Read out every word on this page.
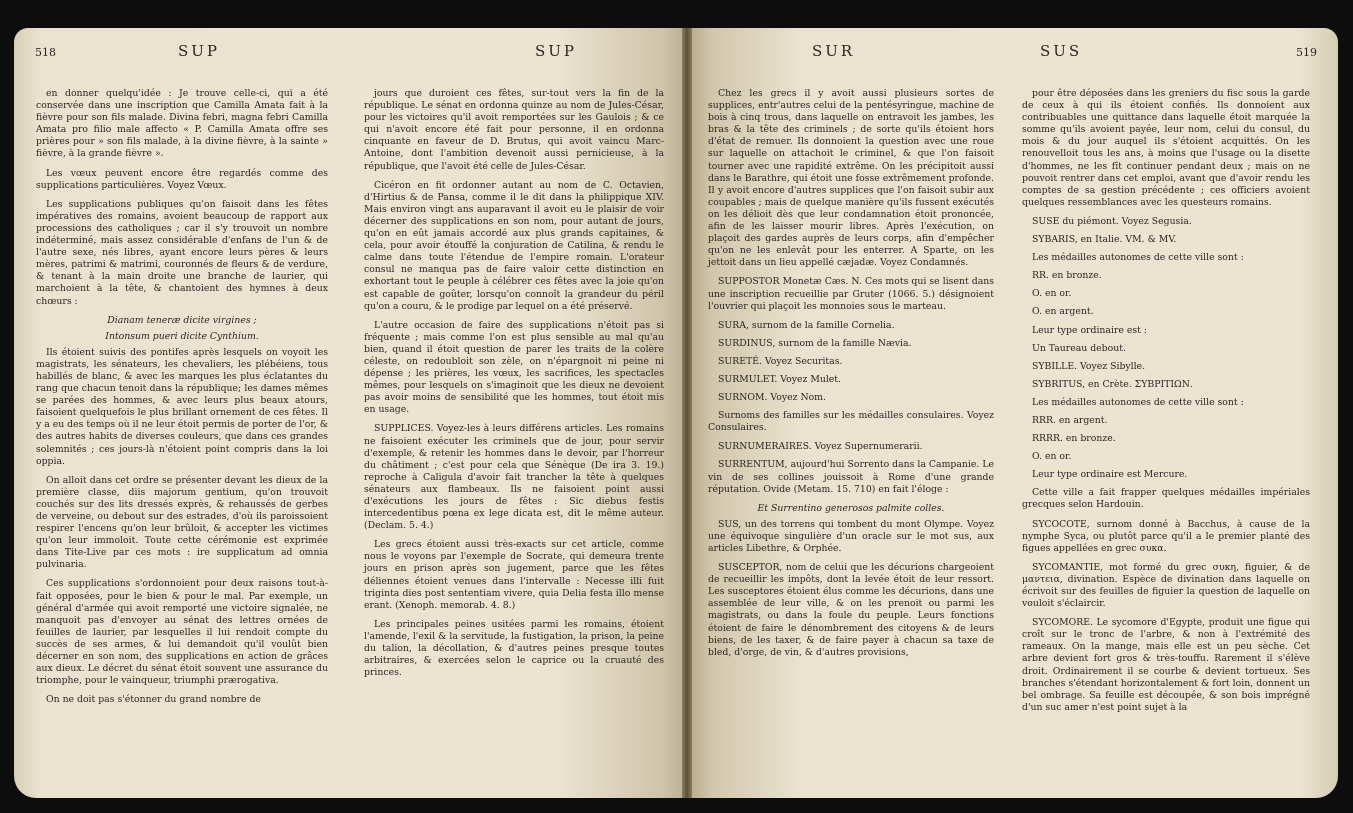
518	SUP	SUP	SUR	SUS	519

en donner quelqu'idée : Je trouve celle-ci, qui a été conservée dans une inscription que Camilla Amata fait à la fièvre pour son fils malade. Divina febri, magna febri Camilla Amata pro filio male affecto « P. Camilla Amata offre ses prières pour » son fils malade, à la divine fièvre, à la sainte » fièvre, à la grande fièvre ».

Les vœux peuvent encore être regardés comme des supplications particulières. Voyez Vœux.

Les supplications publiques qu'on faisoit dans les fêtes impératives des romains, avoient beaucoup de rapport aux processions des catholiques ; car il s'y trouvoit un nombre indéterminé, mais assez considérable d'enfans de l'un & de l'autre sexe, nés libres, ayant encore leurs pères & leurs mères, patrimi & matrimi, couronnés de fleurs & de verdure, & tenant à la main droite une branche de laurier, qui marchoient à la tête, & chantoient des hymnes à deux chœurs :

Dianam teneræ dicite virgines ;

Intonsum pueri dicite Cynthium.

Ils étoient suivis des pontifes après lesquels on voyoit les magistrats, les sénateurs, les chevaliers, les plébéiens, tous habillés de blanc, & avec les marques les plus éclatantes du rang que chacun tenoit dans la république; les dames mêmes se parées des hommes, & avec leurs plus beaux atours, faisoient quelquefois le plus brillant ornement de ces fêtes. Il y a eu des temps où il ne leur étoit permis de porter de l'or, & des autres habits de diverses couleurs, que dans ces grandes solemnités ; ces jours-là n'étoient point compris dans la loi oppia.

On alloit dans cet ordre se présenter devant les dieux de la première classe, diis majorum gentium, qu'on trouvoit couchés sur des lits dressés exprès, & rehaussés de gerbes de verveine, ou debout sur des estrades, d'où ils paroissoient respirer l'encens qu'on leur brûloit, & accepter les victimes qu'on leur immoloit. Toute cette cérémonie est exprimée dans Tite-Live par ces mots : ire supplicatum ad omnia pulvinaria.

Ces supplications s'ordonnoient pour deux raisons tout-à-fait opposées, pour le bien & pour le mal. Par exemple, un général d'armée qui avoit remporté une victoire signalée, ne manquoit pas d'envoyer au sénat des lettres ornées de feuilles de laurier, par lesquelles il lui rendoit compte du succès de ses armes, & lui demandoit qu'il voulût bien décerner en son nom, des supplications en action de grâces aux dieux. Le décret du sénat étoit souvent une assurance du triomphe, pour le vainqueur, triumphi prærogativa.

On ne doit pas s'étonner du grand nombre de

jours que duroient ces fêtes, sur-tout vers la fin de la république. Le sénat en ordonna quinze au nom de Jules-César, pour les victoires qu'il avoit remportées sur les Gaulois ; & ce qui n'avoit encore été fait pour personne, il en ordonna cinquante en faveur de D. Brutus, qui avoit vaincu Marc-Antoine, dont l'ambition devenoit aussi pernicieuse, à la république, que l'avoit été celle de Jules-César.

Cicéron en fit ordonner autant au nom de C. Octavien, d'Hirtius & de Pansa, comme il le dit dans la philippique XIV. Mais environ vingt ans auparavant il avoit eu le plaisir de voir décerner des supplications en son nom, pour autant de jours, qu'on en eût jamais accordé aux plus grands capitaines, & cela, pour avoir étouffé la conjuration de Catilina, & rendu le calme dans toute l'étendue de l'empire romain. L'orateur consul ne manqua pas de faire valoir cette distinction en exhortant tout le peuple à célébrer ces fêtes avec la joie qu'on est capable de goûter, lorsqu'on connoît la grandeur du péril qu'on a couru, & le prodige par lequel on a été préservé.

L'autre occasion de faire des supplications n'étoit pas si fréquente ; mais comme l'on est plus sensible au mal qu'au bien, quand il étoit question de parer les traits de la colère céleste, on redoubloit son zèle, on n'épargnoit ni peine ni dépense ; les prières, les vœux, les sacrifices, les spectacles mêmes, pour lesquels on s'imaginoit que les dieux ne devoient pas avoir moins de sensibilité que les hommes, tout étoit mis en usage.

SUPPLICES. Voyez-les à leurs différens articles. Les romains ne faisoient exécuter les criminels que de jour, pour servir d'exemple, & retenir les hommes dans le devoir, par l'horreur du châtiment ; c'est pour cela que Sénèque (De ira 3. 19.) reproche à Caligula d'avoir fait trancher la tête à quelques sénateurs aux flambeaux. Ils ne faisoient point aussi d'exécutions les jours de fêtes : Sic diebus festis intercedentibus pœna ex lege dicata est, dit le même auteur. (Declam. 5. 4.)

Les grecs étoient aussi très-exacts sur cet article, comme nous le voyons par l'exemple de Socrate, qui demeura trente jours en prison après son jugement, parce que les fêtes déliennes étoient venues dans l'intervalle : Necesse illi fuit triginta dies post sententiam vivere, quia Delia festa illo mense erant. (Xenoph. memorab. 4. 8.)

Les principales peines usitées parmi les romains, étoient l'amende, l'exil & la servitude, la fustigation, la prison, la peine du talion, la décollation, & d'autres peines presque toutes arbitraires, & exercées selon le caprice ou la cruauté des princes.

Chez les grecs il y avoit aussi plusieurs sortes de supplices, entr'autres celui de la pentésyringue, machine de bois à cinq trous, dans laquelle on entravoit les jambes, les bras & la tête des criminels ; de sorte qu'ils étoient hors d'état de remuer. Ils donnoient la question avec une roue sur laquelle on attachoit le criminel, & que l'on faisoit tourner avec une rapidité extrême. On les précipitoit aussi dans le Barathre, qui étoit une fosse extrêmement profonde. Il y avoit encore d'autres supplices que l'on faisoit subir aux coupables ; mais de quelque manière qu'ils fussent exécutés on les délioit dès que leur condamnation étoit prononcée, afin de les laisser mourir libres. Après l'exécution, on plaçoit des gardes auprès de leurs corps, afin d'empêcher qu'on ne les enlevât pour les enterrer. A Sparte, on les jettoit dans un lieu appellé cæjadæ. Voyez Condamnés.

SUPPOSTOR Monetæ Cæs. N. Ces mots qui se lisent dans une inscription recueillie par Gruter (1066. 5.) désignoient l'ouvrier qui plaçoit les monnoies sous le marteau.

SURA, surnom de la famille Cornelia.

SURDINUS, surnom de la famille Nævia.

SURETÉ. Voyez Securitas.

SURMULET. Voyez Mulet.

SURNOM. Voyez Nom.

Surnoms des familles sur les médailles consulaires. Voyez Consulaires.

SURNUMERAIRES. Voyez Supernumerarii.

SURRENTUM, aujourd'hui Sorrento dans la Campanie. Le vin de ses collines jouissoit à Rome d'une grande réputation. Ovide (Metam. 15. 710) en fait l'éloge :

Et Surrentino generosos palmite colles.

SUS, un des torrens qui tombent du mont Olympe. Voyez une équivoque singulière d'un oracle sur le mot sus, aux articles Libethre, & Orphée.

SUSCEPTOR, nom de celui que les décurions chargeoient de recueillir les impôts, dont la levée étoit de leur ressort. Les susceptores étoient élus comme les décurions, dans une assemblée de leur ville, & on les prenoit ou parmi les magistrats, ou dans la foule du peuple. Leurs fonctions étoient de faire le dénombrement des citoyens & de leurs biens, de les taxer, & de faire payer à chacun sa taxe de bled, d'orge, de vin, & d'autres provisions,

pour être déposées dans les greniers du fisc sous la garde de ceux à qui ils étoient confiés. Ils donnoient aux contribuables une quittance dans laquelle étoit marquée la somme qu'ils avoient payée, leur nom, celui du consul, du mois & du jour auquel ils s'étoient acquittés. On les renouvelloit tous les ans, à moins que l'usage ou la disette d'hommes, ne les fît continuer pendant deux ; mais on ne pouvoit rentrer dans cet emploi, avant que d'avoir rendu les comptes de sa gestion précédente ; ces officiers avoient quelques ressemblances avec les questeurs romains.

SUSE du piémont. Voyez Segusia.

SYBARIS, en Italie. VM. & MV.

Les médailles autonomes de cette ville sont :

RR. en bronze.

O. en or.

O. en argent.

Leur type ordinaire est :

Un Taureau debout.

SYBILLE. Voyez Sibylle.

SYBRITUS, en Crète. ΣΥΒΡΙΤΙΩΝ.

Les médailles autonomes de cette ville sont :

RRR. en argent.

RRRR. en bronze.

O. en or.

Leur type ordinaire est Mercure.

Cette ville a fait frapper quelques médailles impériales grecques selon Hardouin.

SYCOCOTE, surnom donné à Bacchus, à cause de la nymphe Syca, ou plutôt parce qu'il a le premier planté des figues appellées en grec συκα.

SYCOMANTIE, mot formé du grec συκη, figuier, & de μαντεια, divination. Espèce de divination dans laquelle on écrivoit sur des feuilles de figuier la question de laquelle on vouloit s'éclaircir.

SYCOMORE. Le sycomore d'Egypte, produit une figue qui croît sur le tronc de l'arbre, & non à l'extrémité des rameaux. On la mange, mais elle est un peu sèche. Cet arbre devient fort gros & très-touffu. Rarement il s'élève droit. Ordinairement il se courbe & devient tortueux. Ses branches s'étendant horizontalement & fort loin, donnent un bel ombrage. Sa feuille est découpée, & son bois imprégné d'un suc amer n'est point sujet à la
